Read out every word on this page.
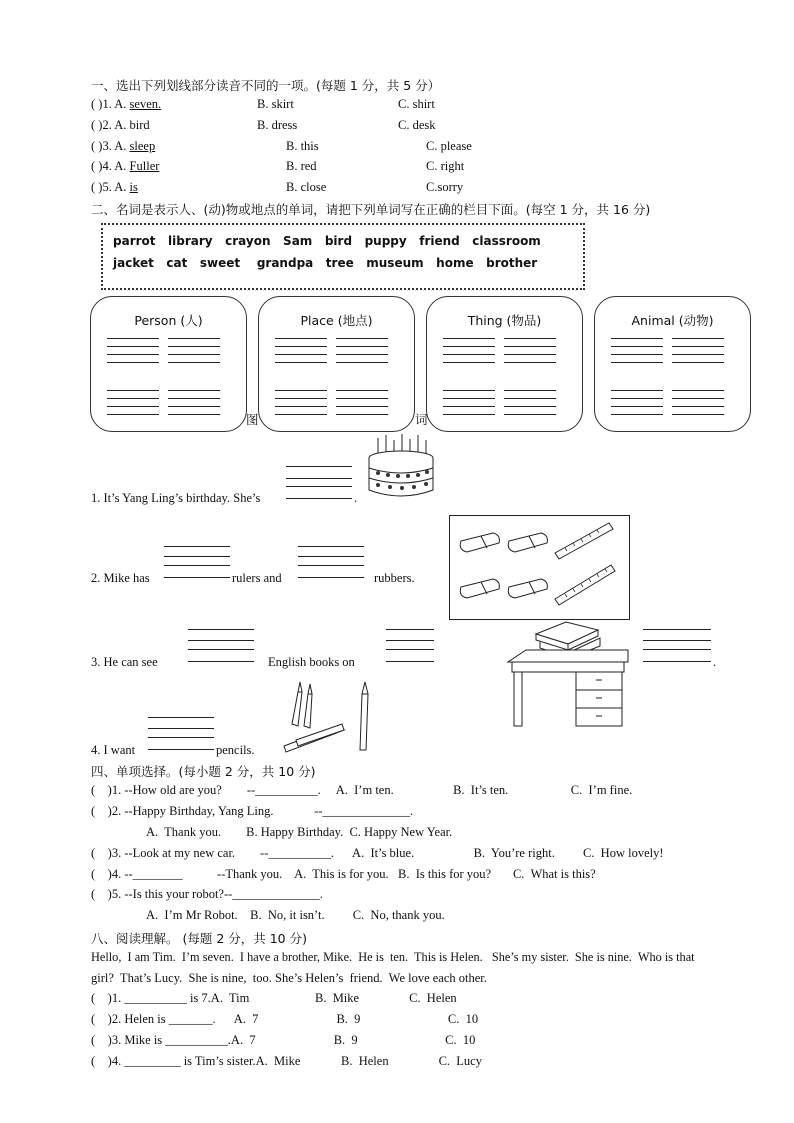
一、选出下列划线部分读音不同的一项。(每题 1 分，共 5 分）
( )1. A. seven.	B. skirt	C. shirt
( )2. A. bird	B. dress	C. desk
( )3. A. sleep	B. this	C. please
( )4. A. Fuller	B. red	C. right
( )5. A. is	B. close	C.sorry
二、名词是表示人、(动)物或地点的单词，请把下列单词写在正确的栏目下面。(每空 1 分，共 16 分)
parrot   library   crayon   Sam   bird   puppy   friend   classroom
jacket   cat   sweet    grandpa   tree   museum   home   brother
Person (人)	Place (地点)	Thing (物品)	Animal (动物)
图	词
1. It’s Yang Ling’s birthday. She’s	.
2. Mike has	rulers and	rubbers.
3. He can see	English books on	.
4. I want	pencils.
四、单项选择。(每小题 2 分，共 10 分)
(    )1. --How old are you?        --__________.     A.  I’m ten.                   B.  It’s ten.                    C.  I’m fine.
(    )2. --Happy Birthday, Yang Ling.             --______________.
A.  Thank you.        B. Happy Birthday.  C. Happy New Year.
(    )3. --Look at my new car.        --__________.      A.  It’s blue.                   B.  You’re right.         C.  How lovely!
(    )4. --________           --Thank you.    A.  This is for you.   B.  Is this for you?       C.  What is this?
(    )5. --Is this your robot?--______________.
A.  I’m Mr Robot.    B.  No, it isn’t.         C.  No, thank you.
八、阅读理解。 (每题 2 分，共 10 分)
Hello,  I am Tim.  I’m seven.  I have a brother, Mike.  He is  ten.  This is Helen.   She’s my sister.  She is nine.  Who is that
girl?  That’s Lucy.  She is nine,  too. She’s Helen’s  friend.  We love each other.
(    )1. __________ is 7.A.  Tim                     B.  Mike                C.  Helen
(    )2. Helen is _______.      A.  7                         B.  9                            C.  10
(    )3. Mike is __________.A.  7                         B.  9                            C.  10
(    )4. _________ is Tim’s sister.A.  Mike             B.  Helen                C.  Lucy
